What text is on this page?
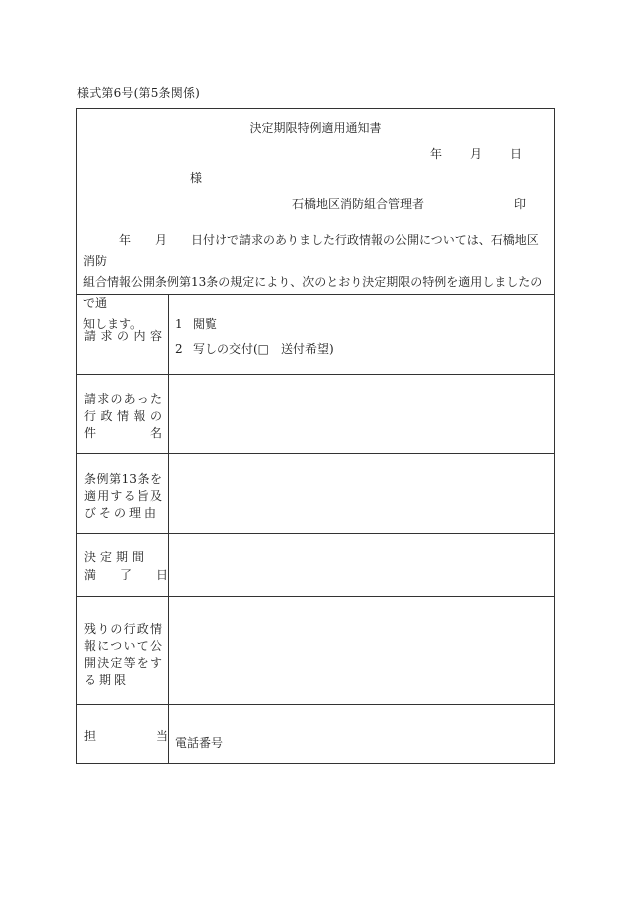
様式第6号(第5条関係)
決定期限特例適用通知書
年 月 日
様
石橋地区消防組合管理者	印
年 月 日付けで請求のありました行政情報の公開については、石橋地区消防
組合情報公開条例第13条の規定により、次のとおり決定期限の特例を適用しましたので通
知します。
請 求 の 内 容
1 閲覧
2 写しの交付(□　送付希望)
請求のあった
行 政 情 報 の
件　　　　名
条例第13条を
適用する旨及
びその理由
決 定 期 間
満　　了　　日
残りの行政情
報について公
開決定等をす
る期限
担　　　　　当 電話番号
